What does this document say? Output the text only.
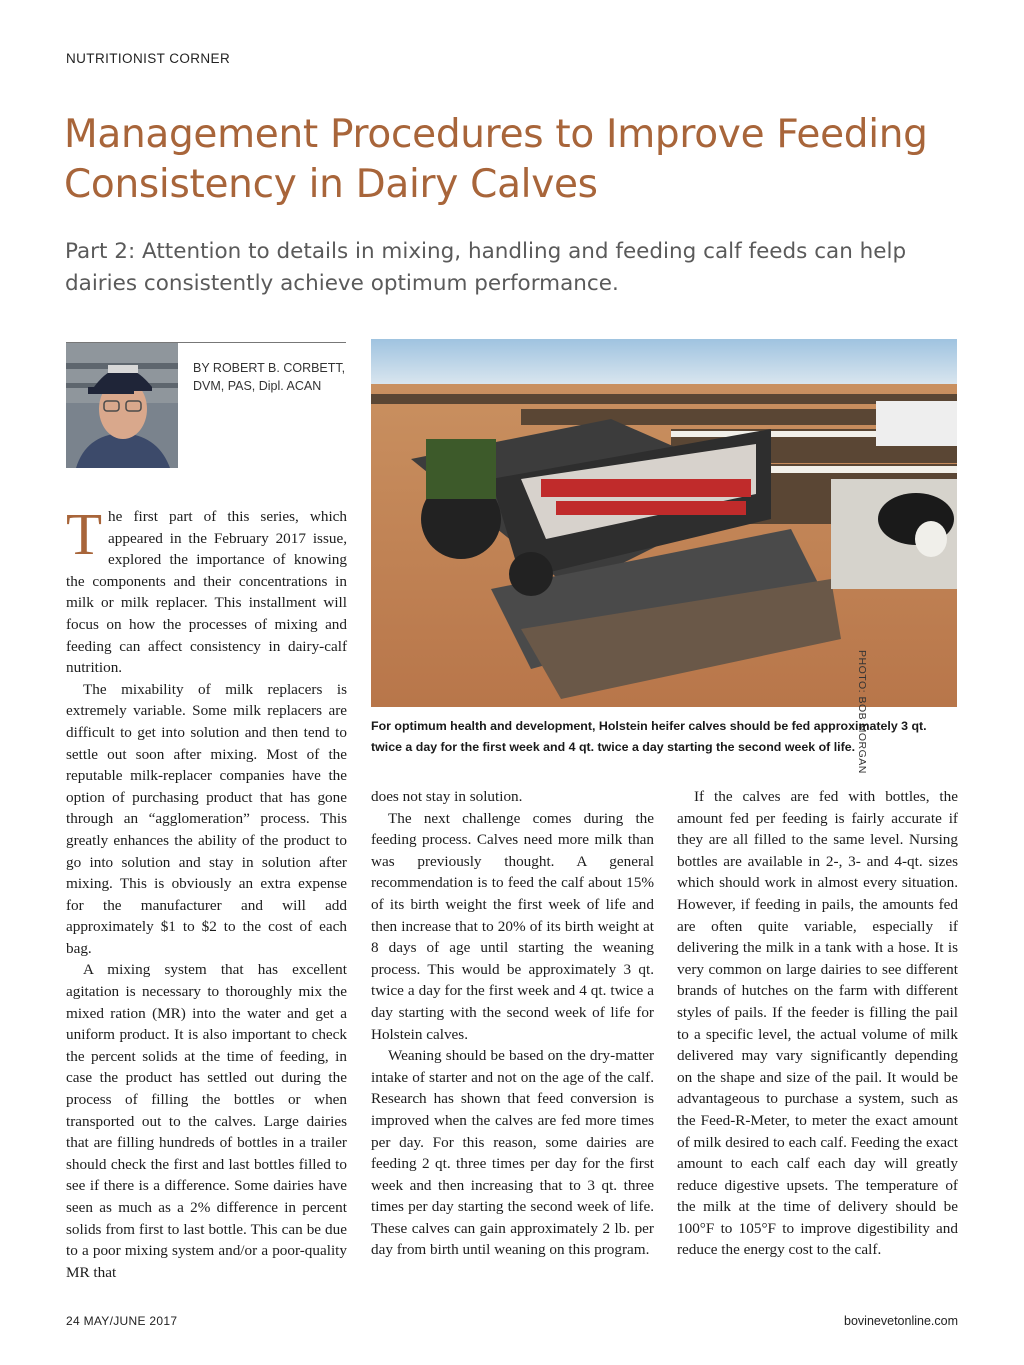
NUTRITIONIST CORNER
Management Procedures to Improve Feeding Consistency in Dairy Calves
Part 2: Attention to details in mixing, handling and feeding calf feeds can help dairies consistently achieve optimum performance.
BY ROBERT B. CORBETT,
DVM, PAS, Dipl. ACAN
PHOTO: BOB MORGAN

For optimum health and development, Holstein heifer calves should be fed approximately 3 qt. twice a day for the first week and 4 qt. twice a day starting the second week of life.

The first part of this series, which appeared in the February 2017 issue, explored the importance of knowing the components and their concentrations in milk or milk replacer. This installment will focus on how the processes of mixing and feeding can affect consistency in dairy-calf nutrition.

The mixability of milk replacers is extremely variable. Some milk replacers are difficult to get into solution and then tend to settle out soon after mixing. Most of the reputable milk-replacer companies have the option of purchasing product that has gone through an “agglomeration” process. This greatly enhances the ability of the product to go into solution and stay in solution after mixing. This is obviously an extra expense for the manufacturer and will add approximately $1 to $2 to the cost of each bag.

A mixing system that has excellent agitation is necessary to thoroughly mix the mixed ration (MR) into the water and get a uniform product. It is also important to check the percent solids at the time of feeding, in case the product has settled out during the process of filling the bottles or when transported out to the calves. Large dairies that are filling hundreds of bottles in a trailer should check the first and last bottles filled to see if there is a difference. Some dairies have seen as much as a 2% difference in percent solids from first to last bottle. This can be due to a poor mixing system and/or a poor-quality MR that

does not stay in solution.

The next challenge comes during the feeding process. Calves need more milk than was previously thought. A general recommendation is to feed the calf about 15% of its birth weight the first week of life and then increase that to 20% of its birth weight at 8 days of age until starting the weaning process. This would be approximately 3 qt. twice a day for the first week and 4 qt. twice a day starting with the second week of life for Holstein calves.

Weaning should be based on the dry-matter intake of starter and not on the age of the calf. Research has shown that feed conversion is improved when the calves are fed more times per day. For this reason, some dairies are feeding 2 qt. three times per day for the first week and then increasing that to 3 qt. three times per day starting the second week of life. These calves can gain approximately 2 lb. per day from birth until weaning on this program.

If the calves are fed with bottles, the amount fed per feeding is fairly accurate if they are all filled to the same level. Nursing bottles are available in 2-, 3- and 4-qt. sizes which should work in almost every situation. However, if feeding in pails, the amounts fed are often quite variable, especially if delivering the milk in a tank with a hose. It is very common on large dairies to see different brands of hutches on the farm with different styles of pails. If the feeder is filling the pail to a specific level, the actual volume of milk delivered may vary significantly depending on the shape and size of the pail. It would be advantageous to purchase a system, such as the Feed-R-Meter, to meter the exact amount of milk desired to each calf. Feeding the exact amount to each calf each day will greatly reduce digestive upsets. The temperature of the milk at the time of delivery should be 100°F to 105°F to improve digestibility and reduce the energy cost to the calf.

24 MAY/JUNE 2017	bovinevetonline.com
